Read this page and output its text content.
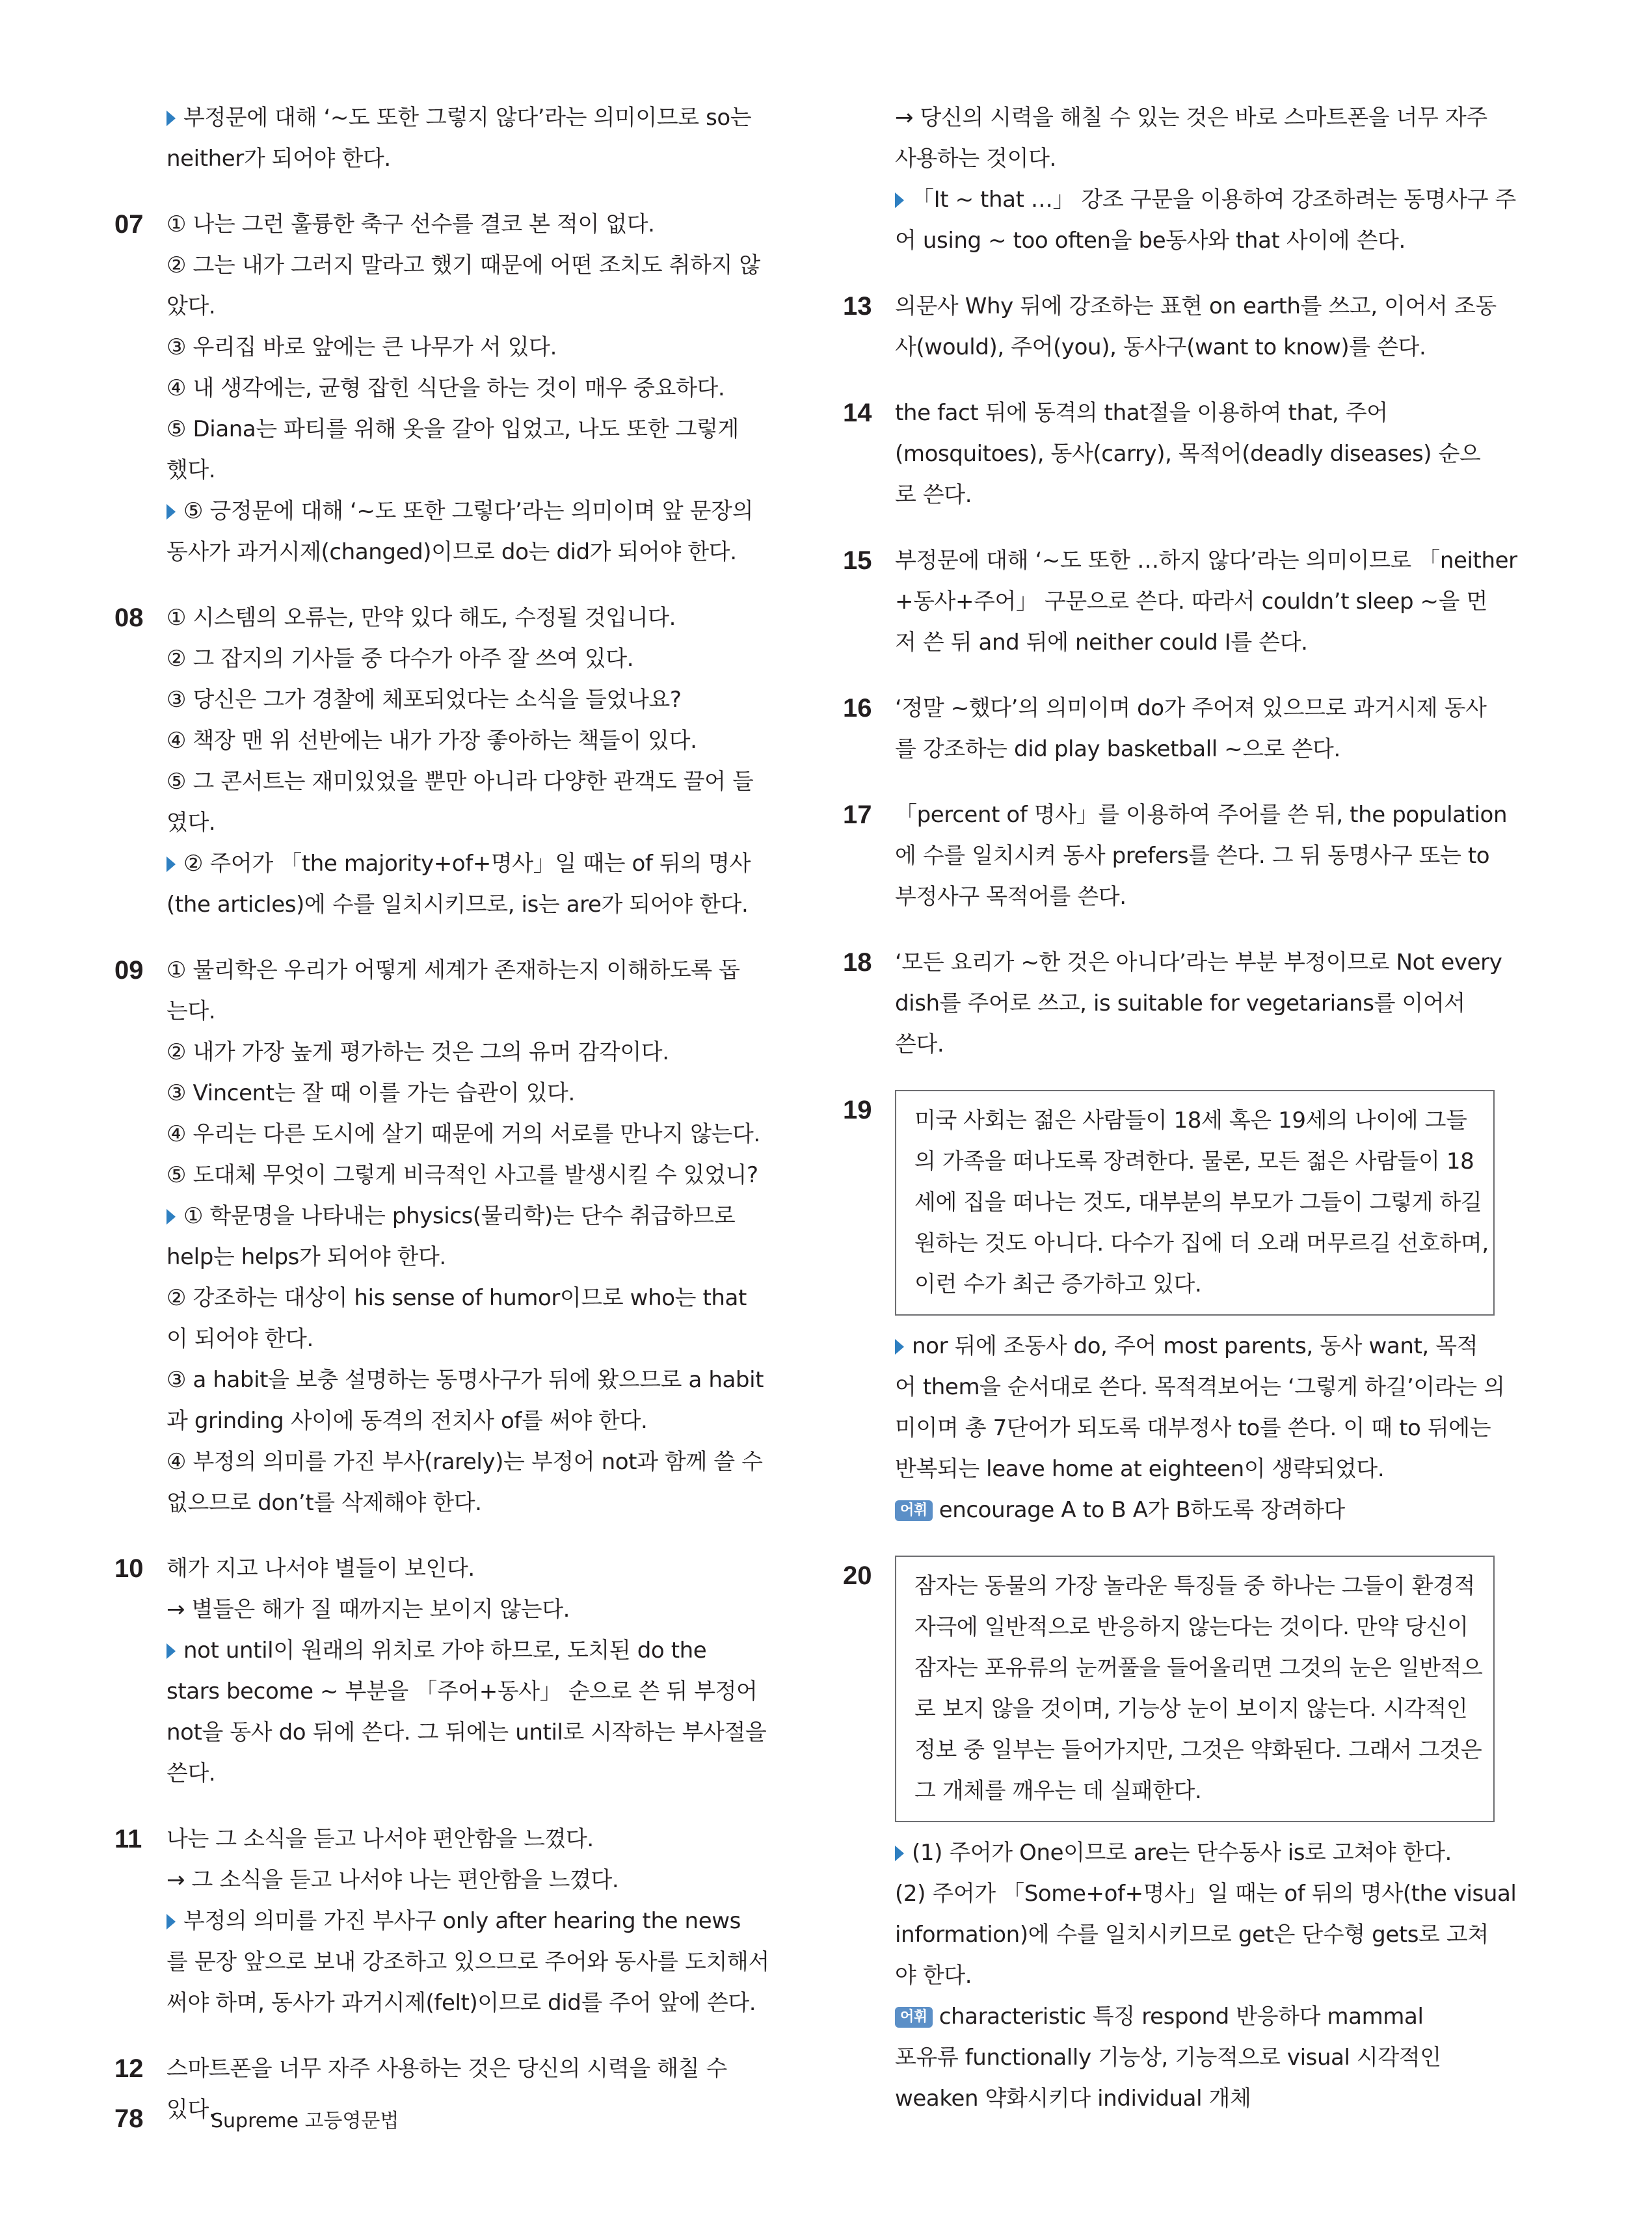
부정문에 대해 ‘~도 또한 그렇지 않다’라는 의미이므로 so는
neither가 되어야 한다.
07	① 나는 그런 훌륭한 축구 선수를 결코 본 적이 없다.
② 그는 내가 그러지 말라고 했기 때문에 어떤 조치도 취하지 않
았다.
③ 우리집 바로 앞에는 큰 나무가 서 있다.
④ 내 생각에는, 균형 잡힌 식단을 하는 것이 매우 중요하다.
⑤ Diana는 파티를 위해 옷을 갈아 입었고, 나도 또한 그렇게
했다.
⑤ 긍정문에 대해 ‘~도 또한 그렇다’라는 의미이며 앞 문장의
동사가 과거시제(changed)이므로 do는 did가 되어야 한다.
08	① 시스템의 오류는, 만약 있다 해도, 수정될 것입니다.
② 그 잡지의 기사들 중 다수가 아주 잘 쓰여 있다.
③ 당신은 그가 경찰에 체포되었다는 소식을 들었나요?
④ 책장 맨 위 선반에는 내가 가장 좋아하는 책들이 있다.
⑤ 그 콘서트는 재미있었을 뿐만 아니라 다양한 관객도 끌어 들
였다.
② 주어가 「the majority+of+명사」일 때는 of 뒤의 명사
(the articles)에 수를 일치시키므로, is는 are가 되어야 한다.
09	① 물리학은 우리가 어떻게 세계가 존재하는지 이해하도록 돕
는다.
② 내가 가장 높게 평가하는 것은 그의 유머 감각이다.
③ Vincent는 잘 때 이를 가는 습관이 있다.
④ 우리는 다른 도시에 살기 때문에 거의 서로를 만나지 않는다.
⑤ 도대체 무엇이 그렇게 비극적인 사고를 발생시킬 수 있었니?
① 학문명을 나타내는 physics(물리학)는 단수 취급하므로
help는 helps가 되어야 한다.
② 강조하는 대상이 his sense of humor이므로 who는 that
이 되어야 한다.
③ a habit을 보충 설명하는 동명사구가 뒤에 왔으므로 a habit
과 grinding 사이에 동격의 전치사 of를 써야 한다.
④ 부정의 의미를 가진 부사(rarely)는 부정어 not과 함께 쓸 수
없으므로 don’t를 삭제해야 한다.
10	해가 지고 나서야 별들이 보인다.
→ 별들은 해가 질 때까지는 보이지 않는다.
not until이 원래의 위치로 가야 하므로, 도치된 do the
stars become ~ 부분을 「주어+동사」 순으로 쓴 뒤 부정어
not을 동사 do 뒤에 쓴다. 그 뒤에는 until로 시작하는 부사절을
쓴다.
11	나는 그 소식을 듣고 나서야 편안함을 느꼈다.
→ 그 소식을 듣고 나서야 나는 편안함을 느꼈다.
부정의 의미를 가진 부사구 only after hearing the news
를 문장 앞으로 보내 강조하고 있으므로 주어와 동사를 도치해서
써야 하며, 동사가 과거시제(felt)이므로 did를 주어 앞에 쓴다.
12	스마트폰을 너무 자주 사용하는 것은 당신의 시력을 해칠 수
있다.
→ 당신의 시력을 해칠 수 있는 것은 바로 스마트폰을 너무 자주
사용하는 것이다.
「It ~ that …」 강조 구문을 이용하여 강조하려는 동명사구 주
어 using ~ too often을 be동사와 that 사이에 쓴다.
13	의문사 Why 뒤에 강조하는 표현 on earth를 쓰고, 이어서 조동
사(would), 주어(you), 동사구(want to know)를 쓴다.
14	the fact 뒤에 동격의 that절을 이용하여 that, 주어
(mosquitoes), 동사(carry), 목적어(deadly diseases) 순으
로 쓴다.
15	부정문에 대해 ‘~도 또한 …하지 않다’라는 의미이므로 「neither
+동사+주어」 구문으로 쓴다. 따라서 couldn’t sleep ~을 먼
저 쓴 뒤 and 뒤에 neither could I를 쓴다.
16	‘정말 ~했다’의 의미이며 do가 주어져 있으므로 과거시제 동사
를 강조하는 did play basketball ~으로 쓴다.
17	「percent of 명사」를 이용하여 주어를 쓴 뒤, the population
에 수를 일치시켜 동사 prefers를 쓴다. 그 뒤 동명사구 또는 to
부정사구 목적어를 쓴다.
18	‘모든 요리가 ~한 것은 아니다’라는 부분 부정이므로 Not every
dish를 주어로 쓰고, is suitable for vegetarians를 이어서
쓴다.
19	미국 사회는 젊은 사람들이 18세 혹은 19세의 나이에 그들
의 가족을 떠나도록 장려한다. 물론, 모든 젊은 사람들이 18
세에 집을 떠나는 것도, 대부분의 부모가 그들이 그렇게 하길
원하는 것도 아니다. 다수가 집에 더 오래 머무르길 선호하며,
이런 수가 최근 증가하고 있다.
nor 뒤에 조동사 do, 주어 most parents, 동사 want, 목적
어 them을 순서대로 쓴다. 목적격보어는 ‘그렇게 하길’이라는 의
미이며 총 7단어가 되도록 대부정사 to를 쓴다. 이 때 to 뒤에는
반복되는 leave home at eighteen이 생략되었다.
어휘 encourage A to B A가 B하도록 장려하다
20	잠자는 동물의 가장 놀라운 특징들 중 하나는 그들이 환경적
자극에 일반적으로 반응하지 않는다는 것이다. 만약 당신이
잠자는 포유류의 눈꺼풀을 들어올리면 그것의 눈은 일반적으
로 보지 않을 것이며, 기능상 눈이 보이지 않는다. 시각적인
정보 중 일부는 들어가지만, 그것은 약화된다. 그래서 그것은
그 개체를 깨우는 데 실패한다.
(1) 주어가 One이므로 are는 단수동사 is로 고쳐야 한다.
(2) 주어가 「Some+of+명사」일 때는 of 뒤의 명사(the visual
information)에 수를 일치시키므로 get은 단수형 gets로 고쳐
야 한다.
어휘 characteristic 특징 respond 반응하다 mammal
포유류 functionally 기능상, 기능적으로 visual 시각적인
weaken 약화시키다 individual 개체
78	Supreme 고등영문법
